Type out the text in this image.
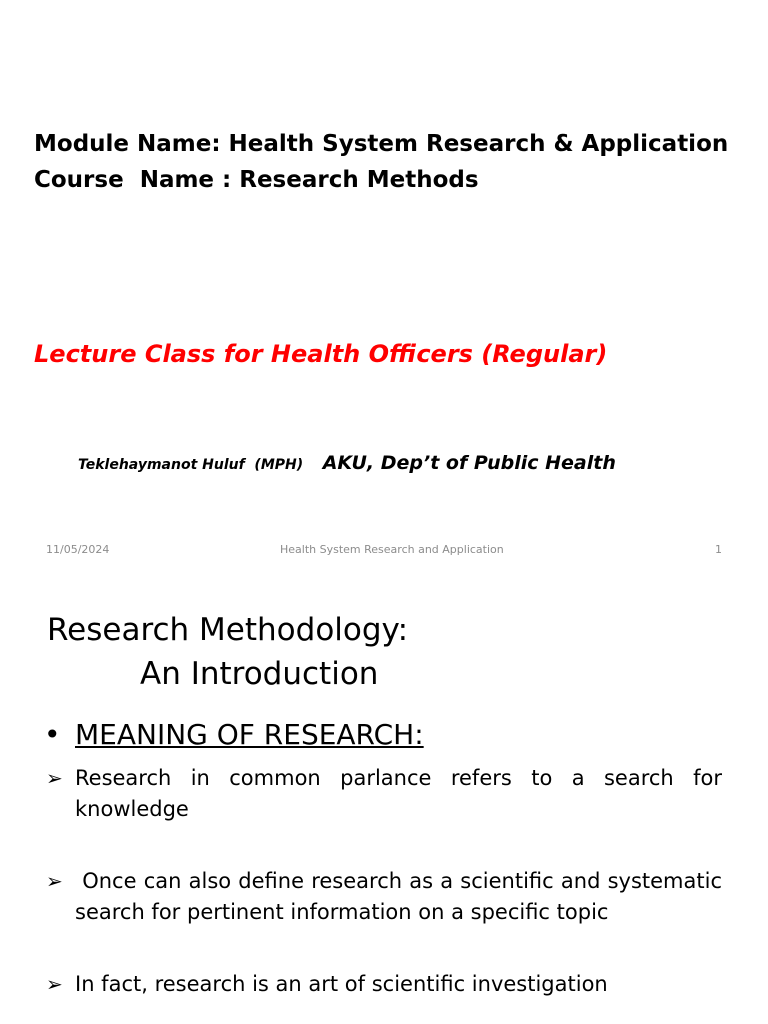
Module Name: Health System Research & Application
Course  Name : Research Methods
Lecture Class for Health Officers (Regular)
Teklehaymanot Huluf  (MPH) AKU, Dep’t of Public Health
11/05/2024	Health System Research and Application	1
Research Methodology:
An Introduction
• MEANING OF RESEARCH:
➢ Research in common parlance refers to a search for knowledge
➢ Once can also define research as a scientific and systematic search for pertinent information on a specific topic
➢ In fact, research is an art of scientific investigation
